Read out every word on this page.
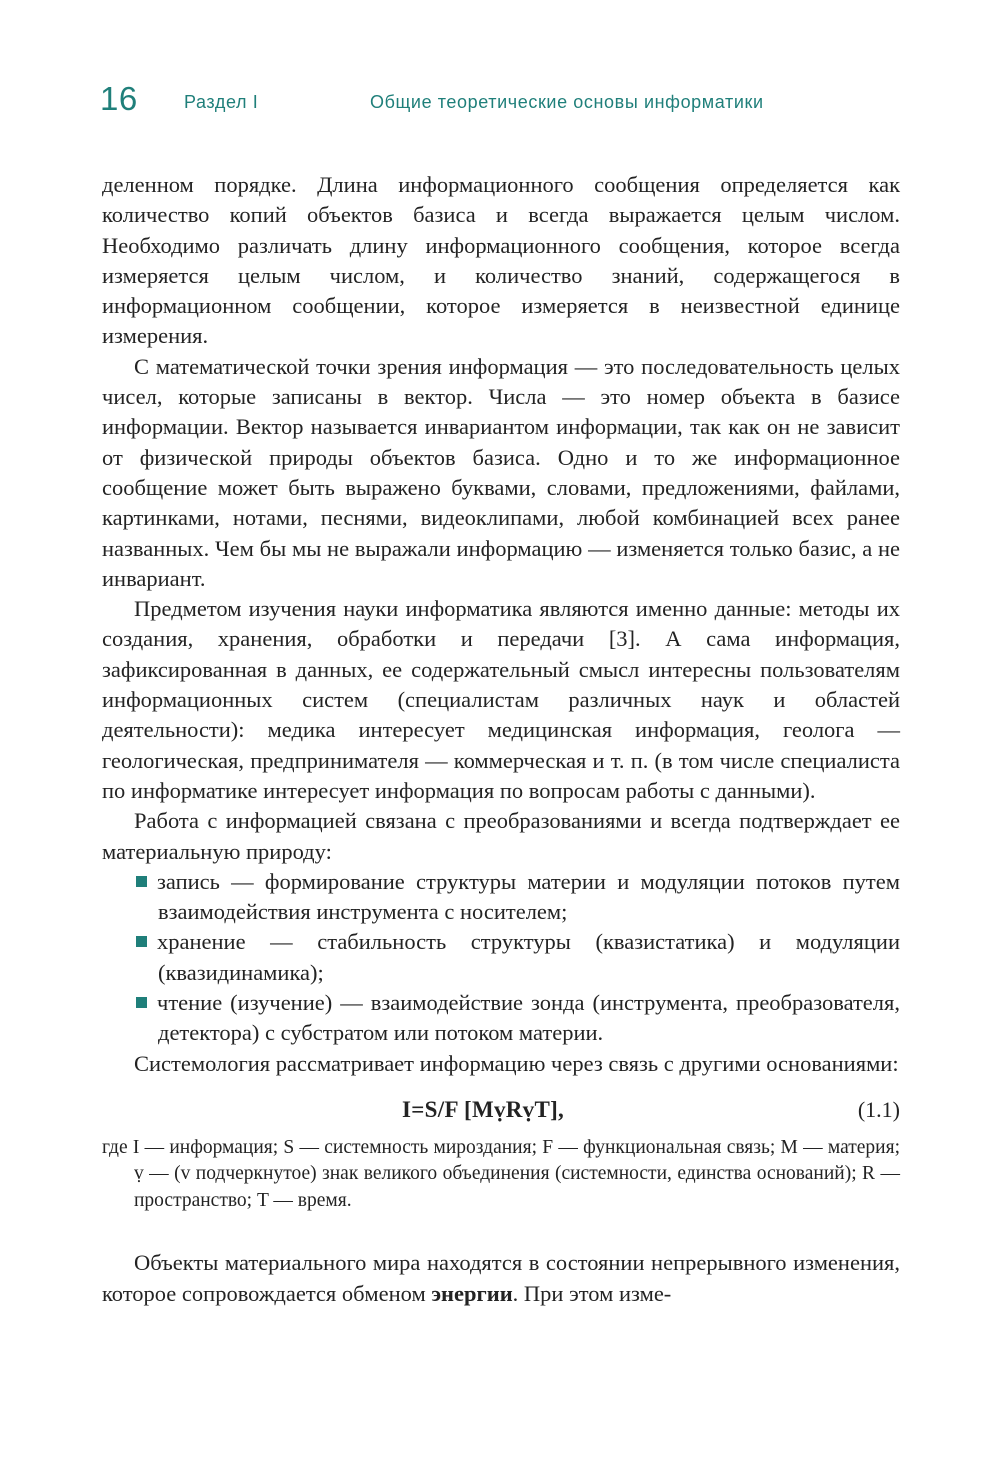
16	Раздел I	Общие теоретические основы информатики

деленном порядке. Длина информационного сообщения определяется как количество копий объектов базиса и всегда выражается целым числом. Необходимо различать длину информационного сообщения, которое всегда измеряется целым числом, и количество знаний, содержащегося в информационном сообщении, которое измеряется в неизвестной единице измерения.

С математической точки зрения информация — это последовательность целых чисел, которые записаны в вектор. Числа — это номер объекта в базисе информации. Вектор называется инвариантом информации, так как он не зависит от физической природы объектов базиса. Одно и то же информационное сообщение может быть выражено буквами, словами, предложениями, файлами, картинками, нотами, песнями, видеоклипами, любой комбинацией всех ранее названных. Чем бы мы не выражали информацию — изменяется только базис, а не инвариант.

Предметом изучения науки информатика являются именно данные: методы их создания, хранения, обработки и передачи [3]. А сама информация, зафиксированная в данных, ее содержательный смысл интересны пользователям информационных систем (специалистам различных наук и областей деятельности): медика интересует медицинская информация, геолога — геологическая, предпринимателя — коммерческая и т. п. (в том числе специалиста по информатике интересует информация по вопросам работы с данными).

Работа с информацией связана с преобразованиями и всегда подтверждает ее материальную природу:

запись — формирование структуры материи и модуляции потоков путем взаимодействия инструмента с носителем;
хранение — стабильность структуры (квазистатика) и модуляции (квазидинамика);
чтение (изучение) — взаимодействие зонда (инструмента, преобразователя, детектора) с субстратом или потоком материи.

Системология рассматривает информацию через связь с другими основаниями:

I=S/F [MṿRṿT],	(1.1)
где I — информация; S — системность мироздания; F — функциональная связь; M — материя; ṿ — (v подчеркнутое) знак великого объединения (системности, единства оснований); R — пространство; T — время.

Объекты материального мира находятся в состоянии непрерывного изменения, которое сопровождается обменом энергии. При этом изме-
